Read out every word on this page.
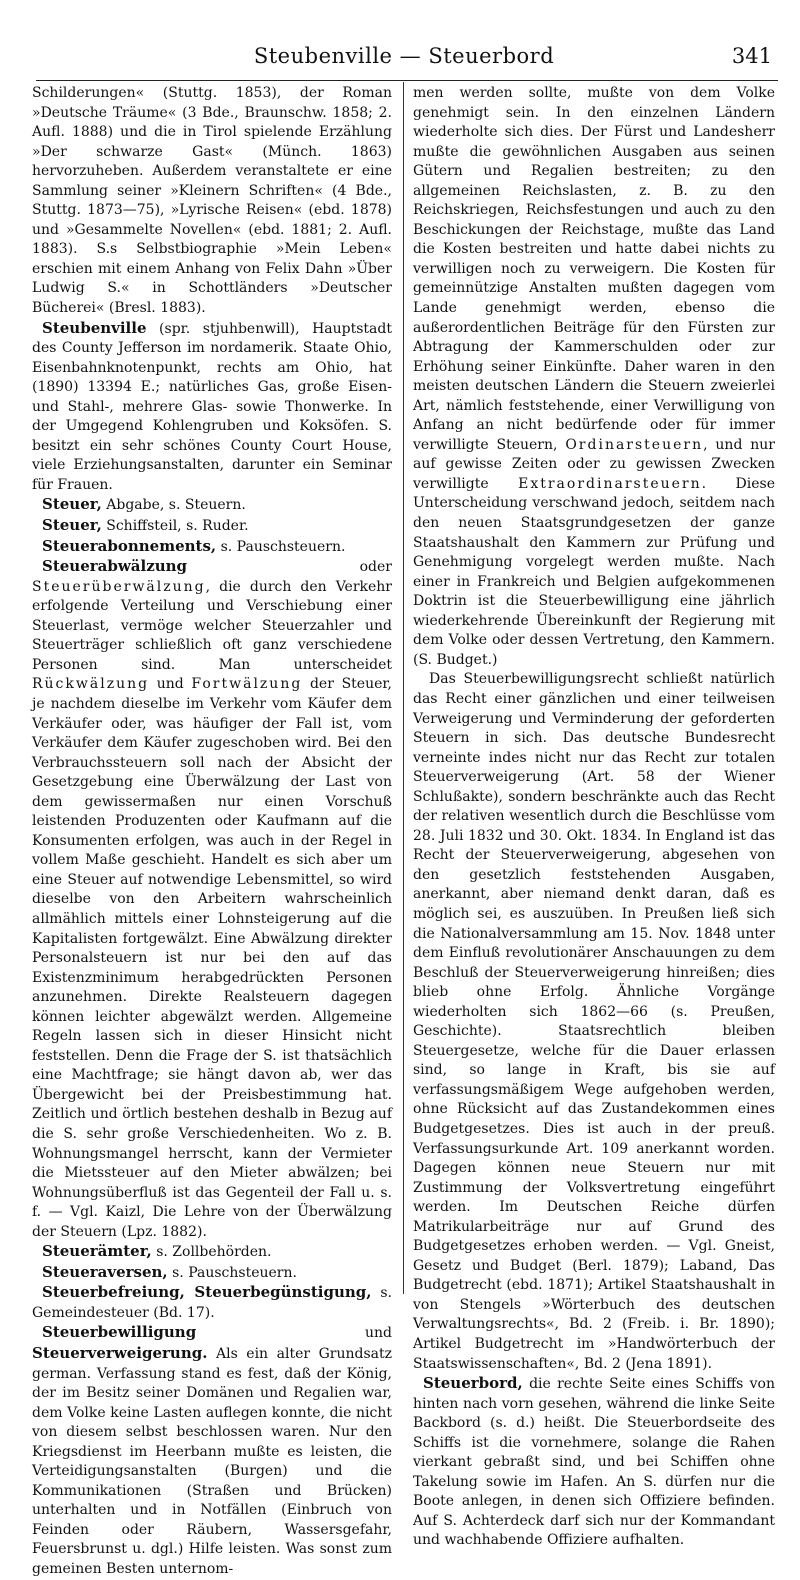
Steubenville — Steuerbord	341

Schilderungen« (Stuttg. 1853), der Roman »Deutsche Träume« (3 Bde., Braunschw. 1858; 2. Aufl. 1888) und die in Tirol spielende Erzählung »Der schwarze Gast« (Münch. 1863) hervorzuheben. Außerdem veranstaltete er eine Sammlung seiner »Kleinern Schriften« (4 Bde., Stuttg. 1873—75), »Lyrische Reisen« (ebd. 1878) und »Gesammelte Novellen« (ebd. 1881; 2. Aufl. 1883). S.s Selbstbiographie »Mein Leben« erschien mit einem Anhang von Felix Dahn »Über Ludwig S.« in Schottländers »Deutscher Bücherei« (Bresl. 1883).

Steubenville (spr. stjuhbenwill), Hauptstadt des County Jefferson im nordamerik. Staate Ohio, Eisenbahnknotenpunkt, rechts am Ohio, hat (1890) 13394 E.; natürliches Gas, große Eisen- und Stahl-, mehrere Glas- sowie Thonwerke. In der Umgegend Kohlengruben und Koksöfen. S. besitzt ein sehr schönes County Court House, viele Erziehungsanstalten, darunter ein Seminar für Frauen.

Steuer, Abgabe, s. Steuern.

Steuer, Schiffsteil, s. Ruder.

Steuerabonnements, s. Pauschsteuern.

Steuerabwälzung oder Steuerüberwälzung, die durch den Verkehr erfolgende Verteilung und Verschiebung einer Steuerlast, vermöge welcher Steuerzahler und Steuerträger schließlich oft ganz verschiedene Personen sind. Man unterscheidet Rückwälzung und Fortwälzung der Steuer, je nachdem dieselbe im Verkehr vom Käufer dem Verkäufer oder, was häufiger der Fall ist, vom Verkäufer dem Käufer zugeschoben wird. Bei den Verbrauchssteuern soll nach der Absicht der Gesetzgebung eine Überwälzung der Last von dem gewissermaßen nur einen Vorschuß leistenden Produzenten oder Kaufmann auf die Konsumenten erfolgen, was auch in der Regel in vollem Maße geschieht. Handelt es sich aber um eine Steuer auf notwendige Lebensmittel, so wird dieselbe von den Arbeitern wahrscheinlich allmählich mittels einer Lohnsteigerung auf die Kapitalisten fortgewälzt. Eine Abwälzung direkter Personalsteuern ist nur bei den auf das Existenzminimum herabgedrückten Personen anzunehmen. Direkte Realsteuern dagegen können leichter abgewälzt werden. Allgemeine Regeln lassen sich in dieser Hinsicht nicht feststellen. Denn die Frage der S. ist thatsächlich eine Machtfrage; sie hängt davon ab, wer das Übergewicht bei der Preisbestimmung hat. Zeitlich und örtlich bestehen deshalb in Bezug auf die S. sehr große Verschiedenheiten. Wo z. B. Wohnungsmangel herrscht, kann der Vermieter die Mietssteuer auf den Mieter abwälzen; bei Wohnungsüberfluß ist das Gegenteil der Fall u. s. f. — Vgl. Kaizl, Die Lehre von der Überwälzung der Steuern (Lpz. 1882).

Steuerämter, s. Zollbehörden.

Steueraversen, s. Pauschsteuern.

Steuerbefreiung, Steuerbegünstigung, s. Gemeindesteuer (Bd. 17).

Steuerbewilligung und Steuerverweigerung. Als ein alter Grundsatz german. Verfassung stand es fest, daß der König, der im Besitz seiner Domänen und Regalien war, dem Volke keine Lasten auflegen konnte, die nicht von diesem selbst beschlossen waren. Nur den Kriegsdienst im Heerbann mußte es leisten, die Verteidigungsanstalten (Burgen) und die Kommunikationen (Straßen und Brücken) unterhalten und in Notfällen (Einbruch von Feinden oder Räubern, Wassersgefahr, Feuersbrunst u. dgl.) Hilfe leisten. Was sonst zum gemeinen Besten unternom-

men werden sollte, mußte von dem Volke genehmigt sein. In den einzelnen Ländern wiederholte sich dies. Der Fürst und Landesherr mußte die gewöhnlichen Ausgaben aus seinen Gütern und Regalien bestreiten; zu den allgemeinen Reichslasten, z. B. zu den Reichskriegen, Reichsfestungen und auch zu den Beschickungen der Reichstage, mußte das Land die Kosten bestreiten und hatte dabei nichts zu verwilligen noch zu verweigern. Die Kosten für gemeinnützige Anstalten mußten dagegen vom Lande genehmigt werden, ebenso die außerordentlichen Beiträge für den Fürsten zur Abtragung der Kammerschulden oder zur Erhöhung seiner Einkünfte. Daher waren in den meisten deutschen Ländern die Steuern zweierlei Art, nämlich feststehende, einer Verwilligung von Anfang an nicht bedürfende oder für immer verwilligte Steuern, Ordinarsteuern, und nur auf gewisse Zeiten oder zu gewissen Zwecken verwilligte Extraordinarsteuern. Diese Unterscheidung verschwand jedoch, seitdem nach den neuen Staatsgrundgesetzen der ganze Staatshaushalt den Kammern zur Prüfung und Genehmigung vorgelegt werden mußte. Nach einer in Frankreich und Belgien aufgekommenen Doktrin ist die Steuerbewilligung eine jährlich wiederkehrende Übereinkunft der Regierung mit dem Volke oder dessen Vertretung, den Kammern. (S. Budget.)

Das Steuerbewilligungsrecht schließt natürlich das Recht einer gänzlichen und einer teilweisen Verweigerung und Verminderung der geforderten Steuern in sich. Das deutsche Bundesrecht verneinte indes nicht nur das Recht zur totalen Steuerverweigerung (Art. 58 der Wiener Schlußakte), sondern beschränkte auch das Recht der relativen wesentlich durch die Beschlüsse vom 28. Juli 1832 und 30. Okt. 1834. In England ist das Recht der Steuerverweigerung, abgesehen von den gesetzlich feststehenden Ausgaben, anerkannt, aber niemand denkt daran, daß es möglich sei, es auszuüben. In Preußen ließ sich die Nationalversammlung am 15. Nov. 1848 unter dem Einfluß revolutionärer Anschauungen zu dem Beschluß der Steuerverweigerung hinreißen; dies blieb ohne Erfolg. Ähnliche Vorgänge wiederholten sich 1862—66 (s. Preußen, Geschichte). Staatsrechtlich bleiben Steuergesetze, welche für die Dauer erlassen sind, so lange in Kraft, bis sie auf verfassungsmäßigem Wege aufgehoben werden, ohne Rücksicht auf das Zustandekommen eines Budgetgesetzes. Dies ist auch in der preuß. Verfassungsurkunde Art. 109 anerkannt worden. Dagegen können neue Steuern nur mit Zustimmung der Volksvertretung eingeführt werden. Im Deutschen Reiche dürfen Matrikularbeiträge nur auf Grund des Budgetgesetzes erhoben werden. — Vgl. Gneist, Gesetz und Budget (Berl. 1879); Laband, Das Budgetrecht (ebd. 1871); Artikel Staatshaushalt in von Stengels »Wörterbuch des deutschen Verwaltungsrechts«, Bd. 2 (Freib. i. Br. 1890); Artikel Budgetrecht im »Handwörterbuch der Staatswissenschaften«, Bd. 2 (Jena 1891).

Steuerbord, die rechte Seite eines Schiffs von hinten nach vorn gesehen, während die linke Seite Backbord (s. d.) heißt. Die Steuerbordseite des Schiffs ist die vornehmere, solange die Rahen vierkant gebraßt sind, und bei Schiffen ohne Takelung sowie im Hafen. An S. dürfen nur die Boote anlegen, in denen sich Offiziere befinden. Auf S. Achterdeck darf sich nur der Kommandant und wachhabende Offiziere aufhalten.
